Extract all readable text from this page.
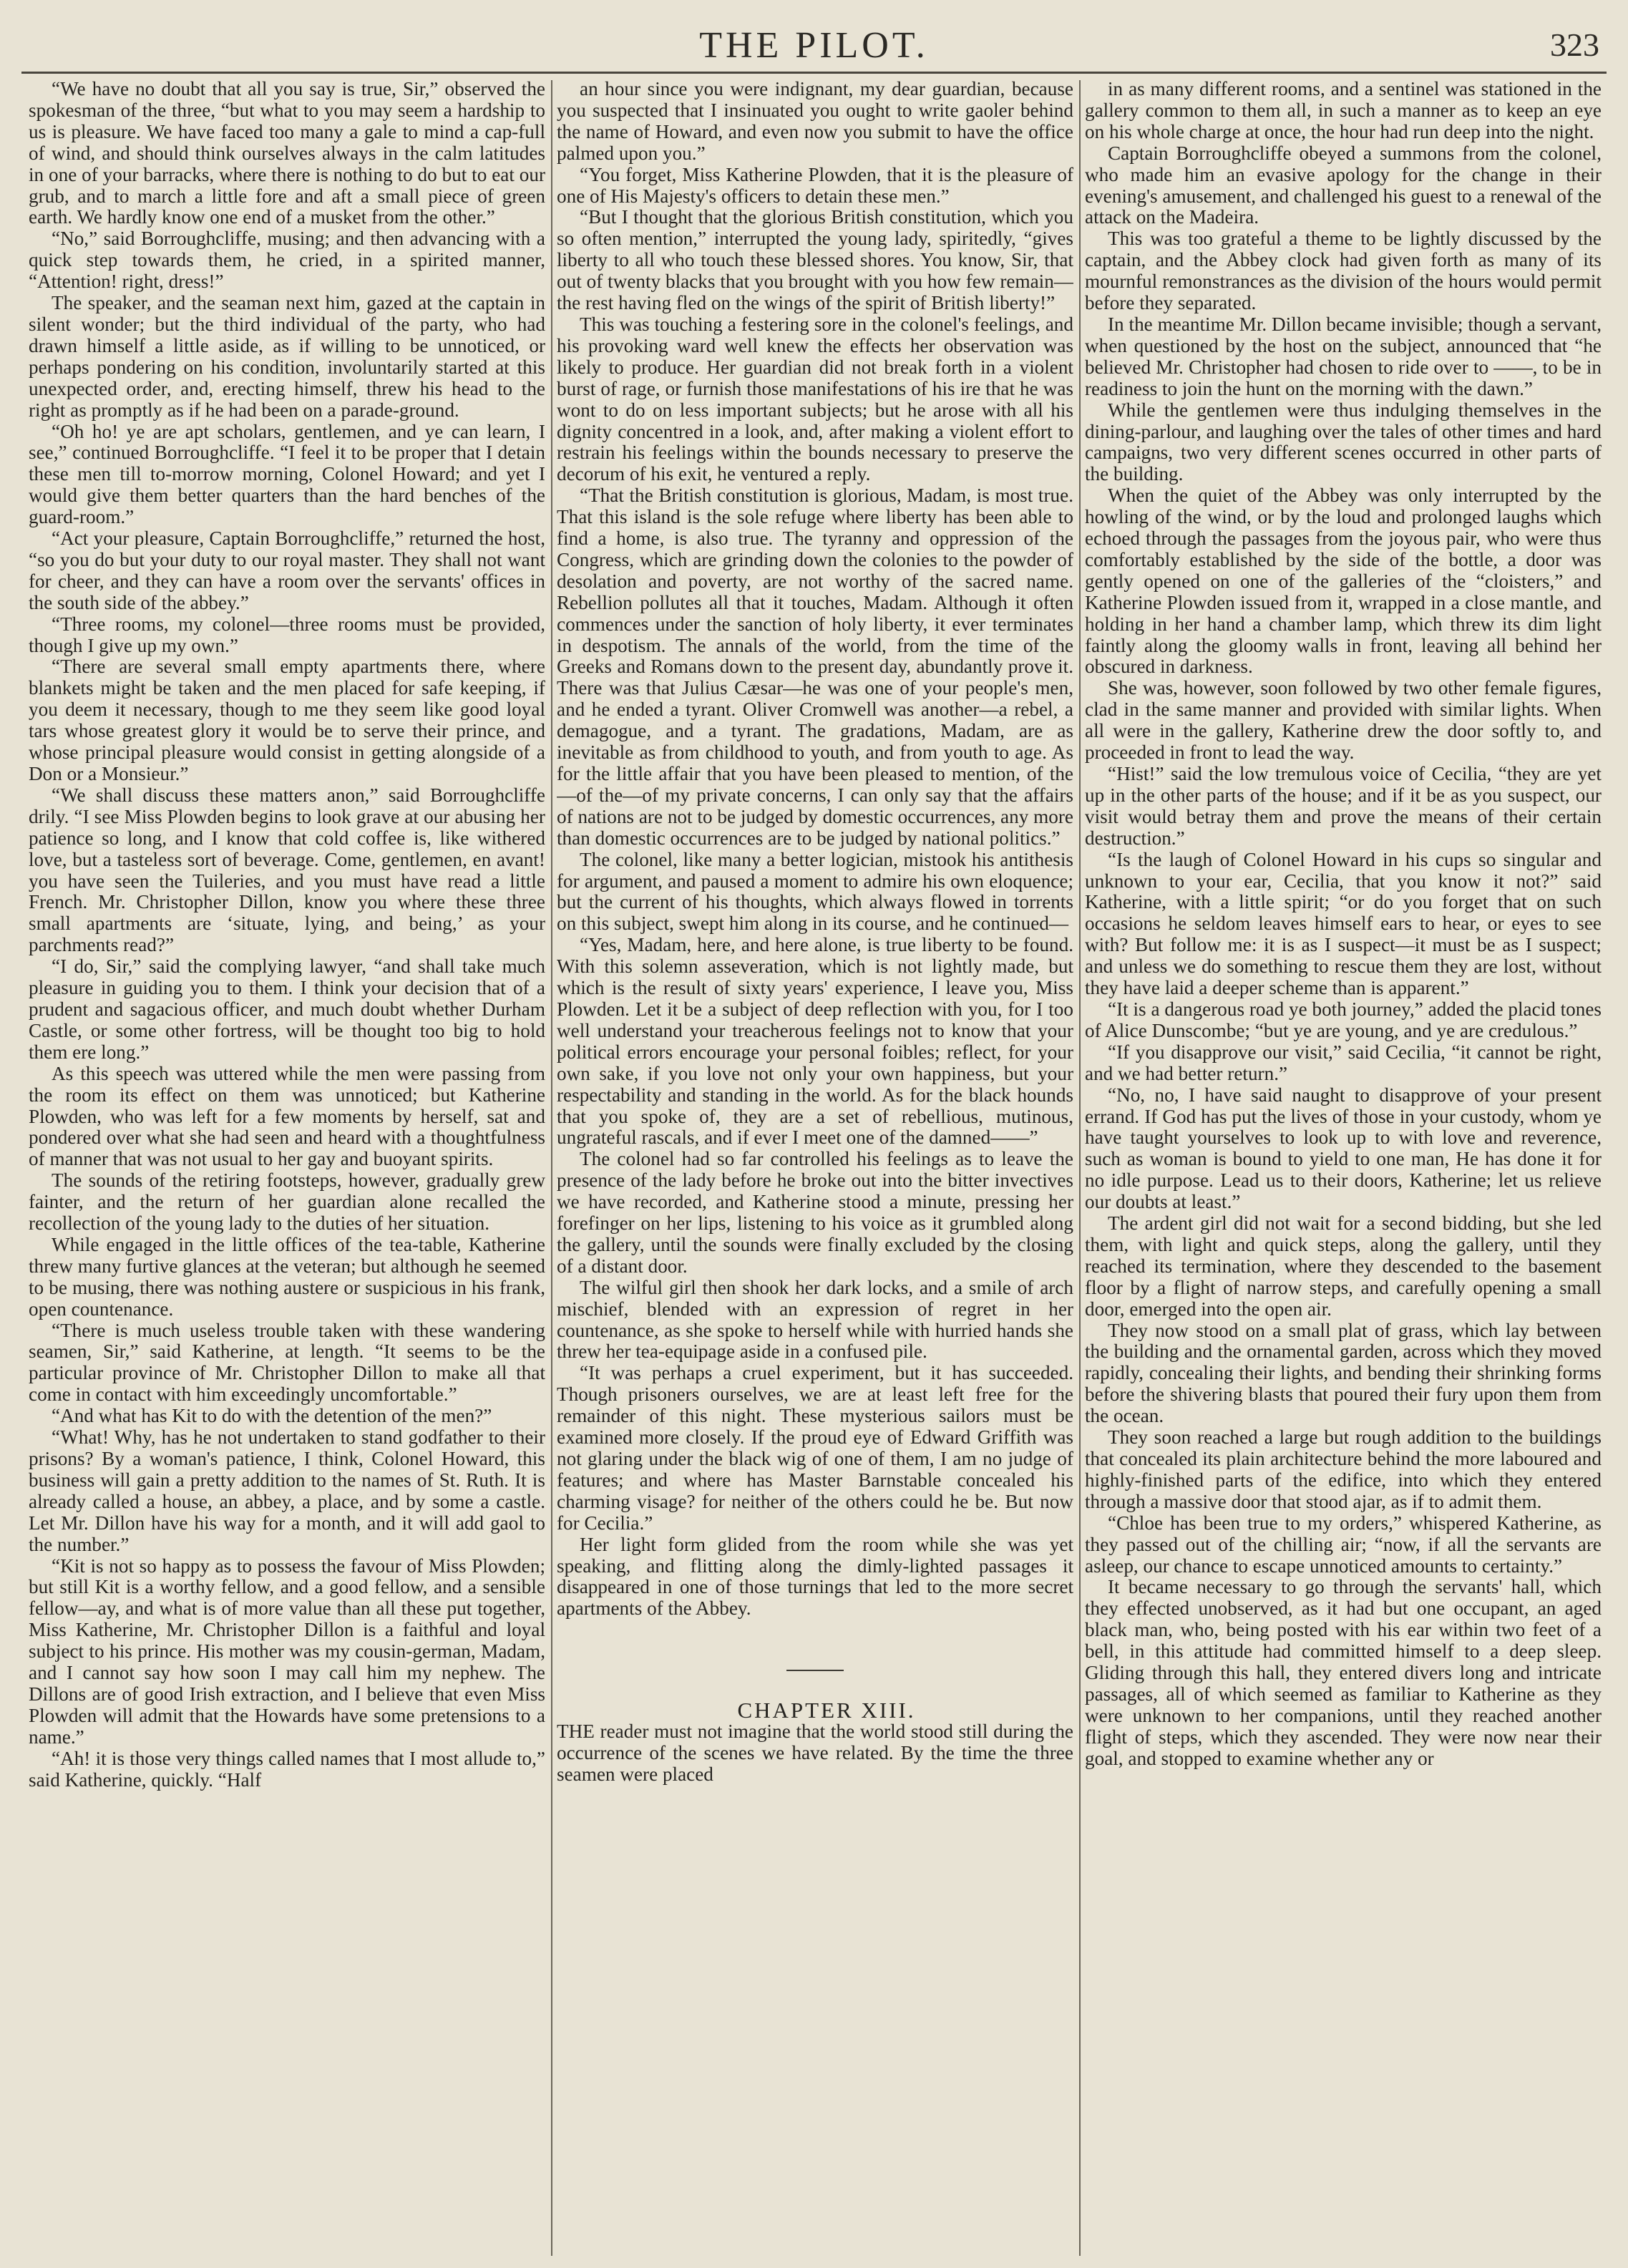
THE PILOT.	323

“We have no doubt that all you say is true, Sir,” observed the spokesman of the three, “but what to you may seem a hardship to us is pleasure. We have faced too many a gale to mind a cap-full of wind, and should think ourselves always in the calm latitudes in one of your barracks, where there is nothing to do but to eat our grub, and to march a little fore and aft a small piece of green earth. We hardly know one end of a musket from the other.”

“No,” said Borroughcliffe, musing; and then advancing with a quick step towards them, he cried, in a spirited manner, “Attention! right, dress!”

The speaker, and the seaman next him, gazed at the captain in silent wonder; but the third individual of the party, who had drawn himself a little aside, as if willing to be unnoticed, or perhaps pondering on his condition, involuntarily started at this unexpected order, and, erecting himself, threw his head to the right as promptly as if he had been on a parade-ground.

“Oh ho! ye are apt scholars, gentlemen, and ye can learn, I see,” continued Borroughcliffe. “I feel it to be proper that I detain these men till to-morrow morning, Colonel Howard; and yet I would give them better quarters than the hard benches of the guard-room.”

“Act your pleasure, Captain Borroughcliffe,” returned the host, “so you do but your duty to our royal master. They shall not want for cheer, and they can have a room over the servants' offices in the south side of the abbey.”

“Three rooms, my colonel—three rooms must be provided, though I give up my own.”

“There are several small empty apartments there, where blankets might be taken and the men placed for safe keeping, if you deem it necessary, though to me they seem like good loyal tars whose greatest glory it would be to serve their prince, and whose principal pleasure would consist in getting alongside of a Don or a Monsieur.”

“We shall discuss these matters anon,” said Borroughcliffe drily. “I see Miss Plowden begins to look grave at our abusing her patience so long, and I know that cold coffee is, like withered love, but a tasteless sort of beverage. Come, gentlemen, en avant! you have seen the Tuileries, and you must have read a little French. Mr. Christopher Dillon, know you where these three small apartments are ‘situate, lying, and being,’ as your parchments read?”

“I do, Sir,” said the complying lawyer, “and shall take much pleasure in guiding you to them. I think your decision that of a prudent and sagacious officer, and much doubt whether Durham Castle, or some other fortress, will be thought too big to hold them ere long.”

As this speech was uttered while the men were passing from the room its effect on them was unnoticed; but Katherine Plowden, who was left for a few moments by herself, sat and pondered over what she had seen and heard with a thoughtfulness of manner that was not usual to her gay and buoyant spirits.

The sounds of the retiring footsteps, however, gradually grew fainter, and the return of her guardian alone recalled the recollection of the young lady to the duties of her situation.

While engaged in the little offices of the tea-table, Katherine threw many furtive glances at the veteran; but although he seemed to be musing, there was nothing austere or suspicious in his frank, open countenance.

“There is much useless trouble taken with these wandering seamen, Sir,” said Katherine, at length. “It seems to be the particular province of Mr. Christopher Dillon to make all that come in contact with him exceedingly uncomfortable.”

“And what has Kit to do with the detention of the men?”

“What! Why, has he not undertaken to stand godfather to their prisons? By a woman's patience, I think, Colonel Howard, this business will gain a pretty addition to the names of St. Ruth. It is already called a house, an abbey, a place, and by some a castle. Let Mr. Dillon have his way for a month, and it will add gaol to the number.”

“Kit is not so happy as to possess the favour of Miss Plowden; but still Kit is a worthy fellow, and a good fellow, and a sensible fellow—ay, and what is of more value than all these put together, Miss Katherine, Mr. Christopher Dillon is a faithful and loyal subject to his prince. His mother was my cousin-german, Madam, and I cannot say how soon I may call him my nephew. The Dillons are of good Irish extraction, and I believe that even Miss Plowden will admit that the Howards have some pretensions to a name.”

“Ah! it is those very things called names that I most allude to,” said Katherine, quickly. “Half

an hour since you were indignant, my dear guardian, because you suspected that I insinuated you ought to write gaoler behind the name of Howard, and even now you submit to have the office palmed upon you.”

“You forget, Miss Katherine Plowden, that it is the pleasure of one of His Majesty's officers to detain these men.”

“But I thought that the glorious British constitution, which you so often mention,” interrupted the young lady, spiritedly, “gives liberty to all who touch these blessed shores. You know, Sir, that out of twenty blacks that you brought with you how few remain—the rest having fled on the wings of the spirit of British liberty!”

This was touching a festering sore in the colonel's feelings, and his provoking ward well knew the effects her observation was likely to produce. Her guardian did not break forth in a violent burst of rage, or furnish those manifestations of his ire that he was wont to do on less important subjects; but he arose with all his dignity concentred in a look, and, after making a violent effort to restrain his feelings within the bounds necessary to preserve the decorum of his exit, he ventured a reply.

“That the British constitution is glorious, Madam, is most true. That this island is the sole refuge where liberty has been able to find a home, is also true. The tyranny and oppression of the Congress, which are grinding down the colonies to the powder of desolation and poverty, are not worthy of the sacred name. Rebellion pollutes all that it touches, Madam. Although it often commences under the sanction of holy liberty, it ever terminates in despotism. The annals of the world, from the time of the Greeks and Romans down to the present day, abundantly prove it. There was that Julius Cæsar—he was one of your people's men, and he ended a tyrant. Oliver Cromwell was another—a rebel, a demagogue, and a tyrant. The gradations, Madam, are as inevitable as from childhood to youth, and from youth to age. As for the little affair that you have been pleased to mention, of the —of the—of my private concerns, I can only say that the affairs of nations are not to be judged by domestic occurrences, any more than domestic occurrences are to be judged by national politics.”

The colonel, like many a better logician, mistook his antithesis for argument, and paused a moment to admire his own eloquence; but the current of his thoughts, which always flowed in torrents on this subject, swept him along in its course, and he continued—

“Yes, Madam, here, and here alone, is true liberty to be found. With this solemn asseveration, which is not lightly made, but which is the result of sixty years' experience, I leave you, Miss Plowden. Let it be a subject of deep reflection with you, for I too well understand your treacherous feelings not to know that your political errors encourage your personal foibles; reflect, for your own sake, if you love not only your own happiness, but your respectability and standing in the world. As for the black hounds that you spoke of, they are a set of rebellious, mutinous, ungrateful rascals, and if ever I meet one of the damned——”

The colonel had so far controlled his feelings as to leave the presence of the lady before he broke out into the bitter invectives we have recorded, and Katherine stood a minute, pressing her forefinger on her lips, listening to his voice as it grumbled along the gallery, until the sounds were finally excluded by the closing of a distant door.

The wilful girl then shook her dark locks, and a smile of arch mischief, blended with an expression of regret in her countenance, as she spoke to herself while with hurried hands she threw her tea-equipage aside in a confused pile.

“It was perhaps a cruel experiment, but it has succeeded. Though prisoners ourselves, we are at least left free for the remainder of this night. These mysterious sailors must be examined more closely. If the proud eye of Edward Griffith was not glaring under the black wig of one of them, I am no judge of features; and where has Master Barnstable concealed his charming visage? for neither of the others could he be. But now for Cecilia.”

Her light form glided from the room while she was yet speaking, and flitting along the dimly-lighted passages it disappeared in one of those turnings that led to the more secret apartments of the Abbey.

CHAPTER XIII.

THE reader must not imagine that the world stood still during the occurrence of the scenes we have related. By the time the three seamen were placed

in as many different rooms, and a sentinel was stationed in the gallery common to them all, in such a manner as to keep an eye on his whole charge at once, the hour had run deep into the night.

Captain Borroughcliffe obeyed a summons from the colonel, who made him an evasive apology for the change in their evening's amusement, and challenged his guest to a renewal of the attack on the Madeira.

This was too grateful a theme to be lightly discussed by the captain, and the Abbey clock had given forth as many of its mournful remonstrances as the division of the hours would permit before they separated.

In the meantime Mr. Dillon became invisible; though a servant, when questioned by the host on the subject, announced that “he believed Mr. Christopher had chosen to ride over to ——, to be in readiness to join the hunt on the morning with the dawn.”

While the gentlemen were thus indulging themselves in the dining-parlour, and laughing over the tales of other times and hard campaigns, two very different scenes occurred in other parts of the building.

When the quiet of the Abbey was only interrupted by the howling of the wind, or by the loud and prolonged laughs which echoed through the passages from the joyous pair, who were thus comfortably established by the side of the bottle, a door was gently opened on one of the galleries of the “cloisters,” and Katherine Plowden issued from it, wrapped in a close mantle, and holding in her hand a chamber lamp, which threw its dim light faintly along the gloomy walls in front, leaving all behind her obscured in darkness.

She was, however, soon followed by two other female figures, clad in the same manner and provided with similar lights. When all were in the gallery, Katherine drew the door softly to, and proceeded in front to lead the way.

“Hist!” said the low tremulous voice of Cecilia, “they are yet up in the other parts of the house; and if it be as you suspect, our visit would betray them and prove the means of their certain destruction.”

“Is the laugh of Colonel Howard in his cups so singular and unknown to your ear, Cecilia, that you know it not?” said Katherine, with a little spirit; “or do you forget that on such occasions he seldom leaves himself ears to hear, or eyes to see with? But follow me: it is as I suspect—it must be as I suspect; and unless we do something to rescue them they are lost, without they have laid a deeper scheme than is apparent.”

“It is a dangerous road ye both journey,” added the placid tones of Alice Dunscombe; “but ye are young, and ye are credulous.”

“If you disapprove our visit,” said Cecilia, “it cannot be right, and we had better return.”

“No, no, I have said naught to disapprove of your present errand. If God has put the lives of those in your custody, whom ye have taught yourselves to look up to with love and reverence, such as woman is bound to yield to one man, He has done it for no idle purpose. Lead us to their doors, Katherine; let us relieve our doubts at least.”

The ardent girl did not wait for a second bidding, but she led them, with light and quick steps, along the gallery, until they reached its termination, where they descended to the basement floor by a flight of narrow steps, and carefully opening a small door, emerged into the open air.

They now stood on a small plat of grass, which lay between the building and the ornamental garden, across which they moved rapidly, concealing their lights, and bending their shrinking forms before the shivering blasts that poured their fury upon them from the ocean.

They soon reached a large but rough addition to the buildings that concealed its plain architecture behind the more laboured and highly-finished parts of the edifice, into which they entered through a massive door that stood ajar, as if to admit them.

“Chloe has been true to my orders,” whispered Katherine, as they passed out of the chilling air; “now, if all the servants are asleep, our chance to escape unnoticed amounts to certainty.”

It became necessary to go through the servants' hall, which they effected unobserved, as it had but one occupant, an aged black man, who, being posted with his ear within two feet of a bell, in this attitude had committed himself to a deep sleep. Gliding through this hall, they entered divers long and intricate passages, all of which seemed as familiar to Katherine as they were unknown to her companions, until they reached another flight of steps, which they ascended. They were now near their goal, and stopped to examine whether any or
